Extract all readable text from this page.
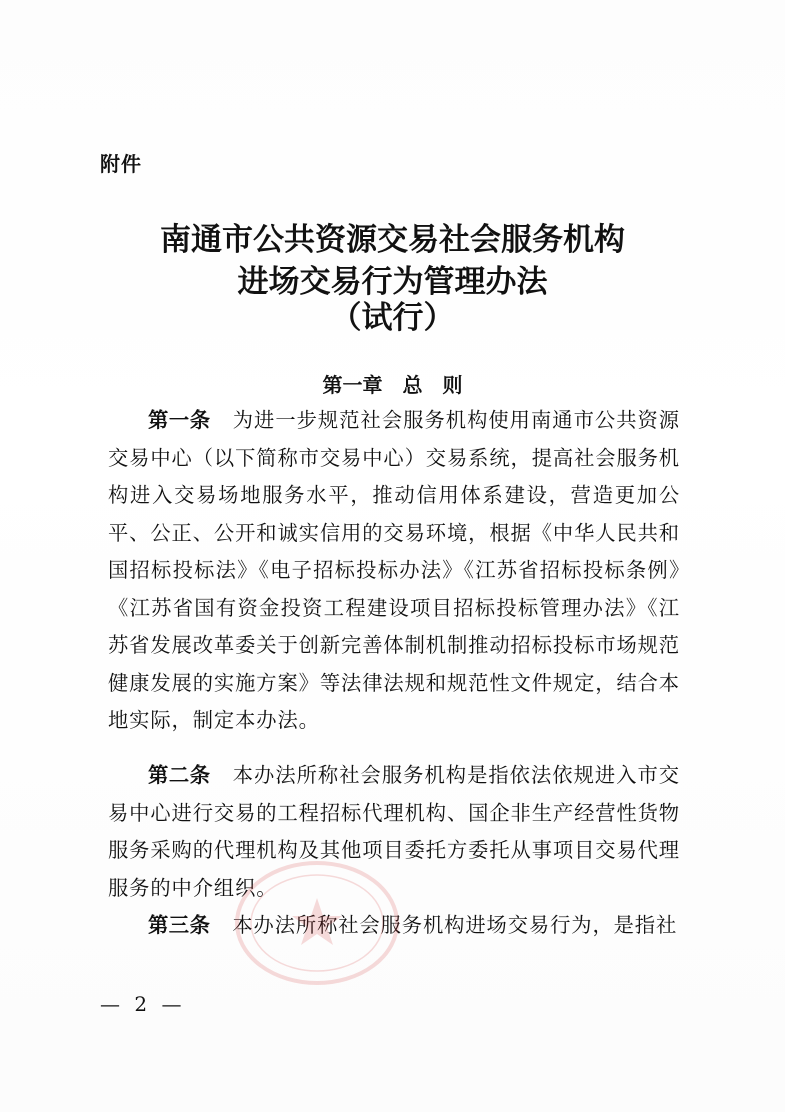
附件
南通市公共资源交易社会服务机构
进场交易行为管理办法
（试行）
第一章　总　则
第一条 为进一步规范社会服务机构使用南通市公共资源交易中心（以下简称市交易中心）交易系统，提高社会服务机构进入交易场地服务水平，推动信用体系建设，营造更加公平、公正、公开和诚实信用的交易环境，根据《中华人民共和国招标投标法》《电子招标投标办法》《江苏省招标投标条例》《江苏省国有资金投资工程建设项目招标投标管理办法》《江苏省发展改革委关于创新完善体制机制推动招标投标市场规范健康发展的实施方案》等法律法规和规范性文件规定，结合本地实际，制定本办法。
第二条 本办法所称社会服务机构是指依法依规进入市交易中心进行交易的工程招标代理机构、国企非生产经营性货物服务采购的代理机构及其他项目委托方委托从事项目交易代理服务的中介组织。
第三条 本办法所称社会服务机构进场交易行为，是指社
— 2 —
